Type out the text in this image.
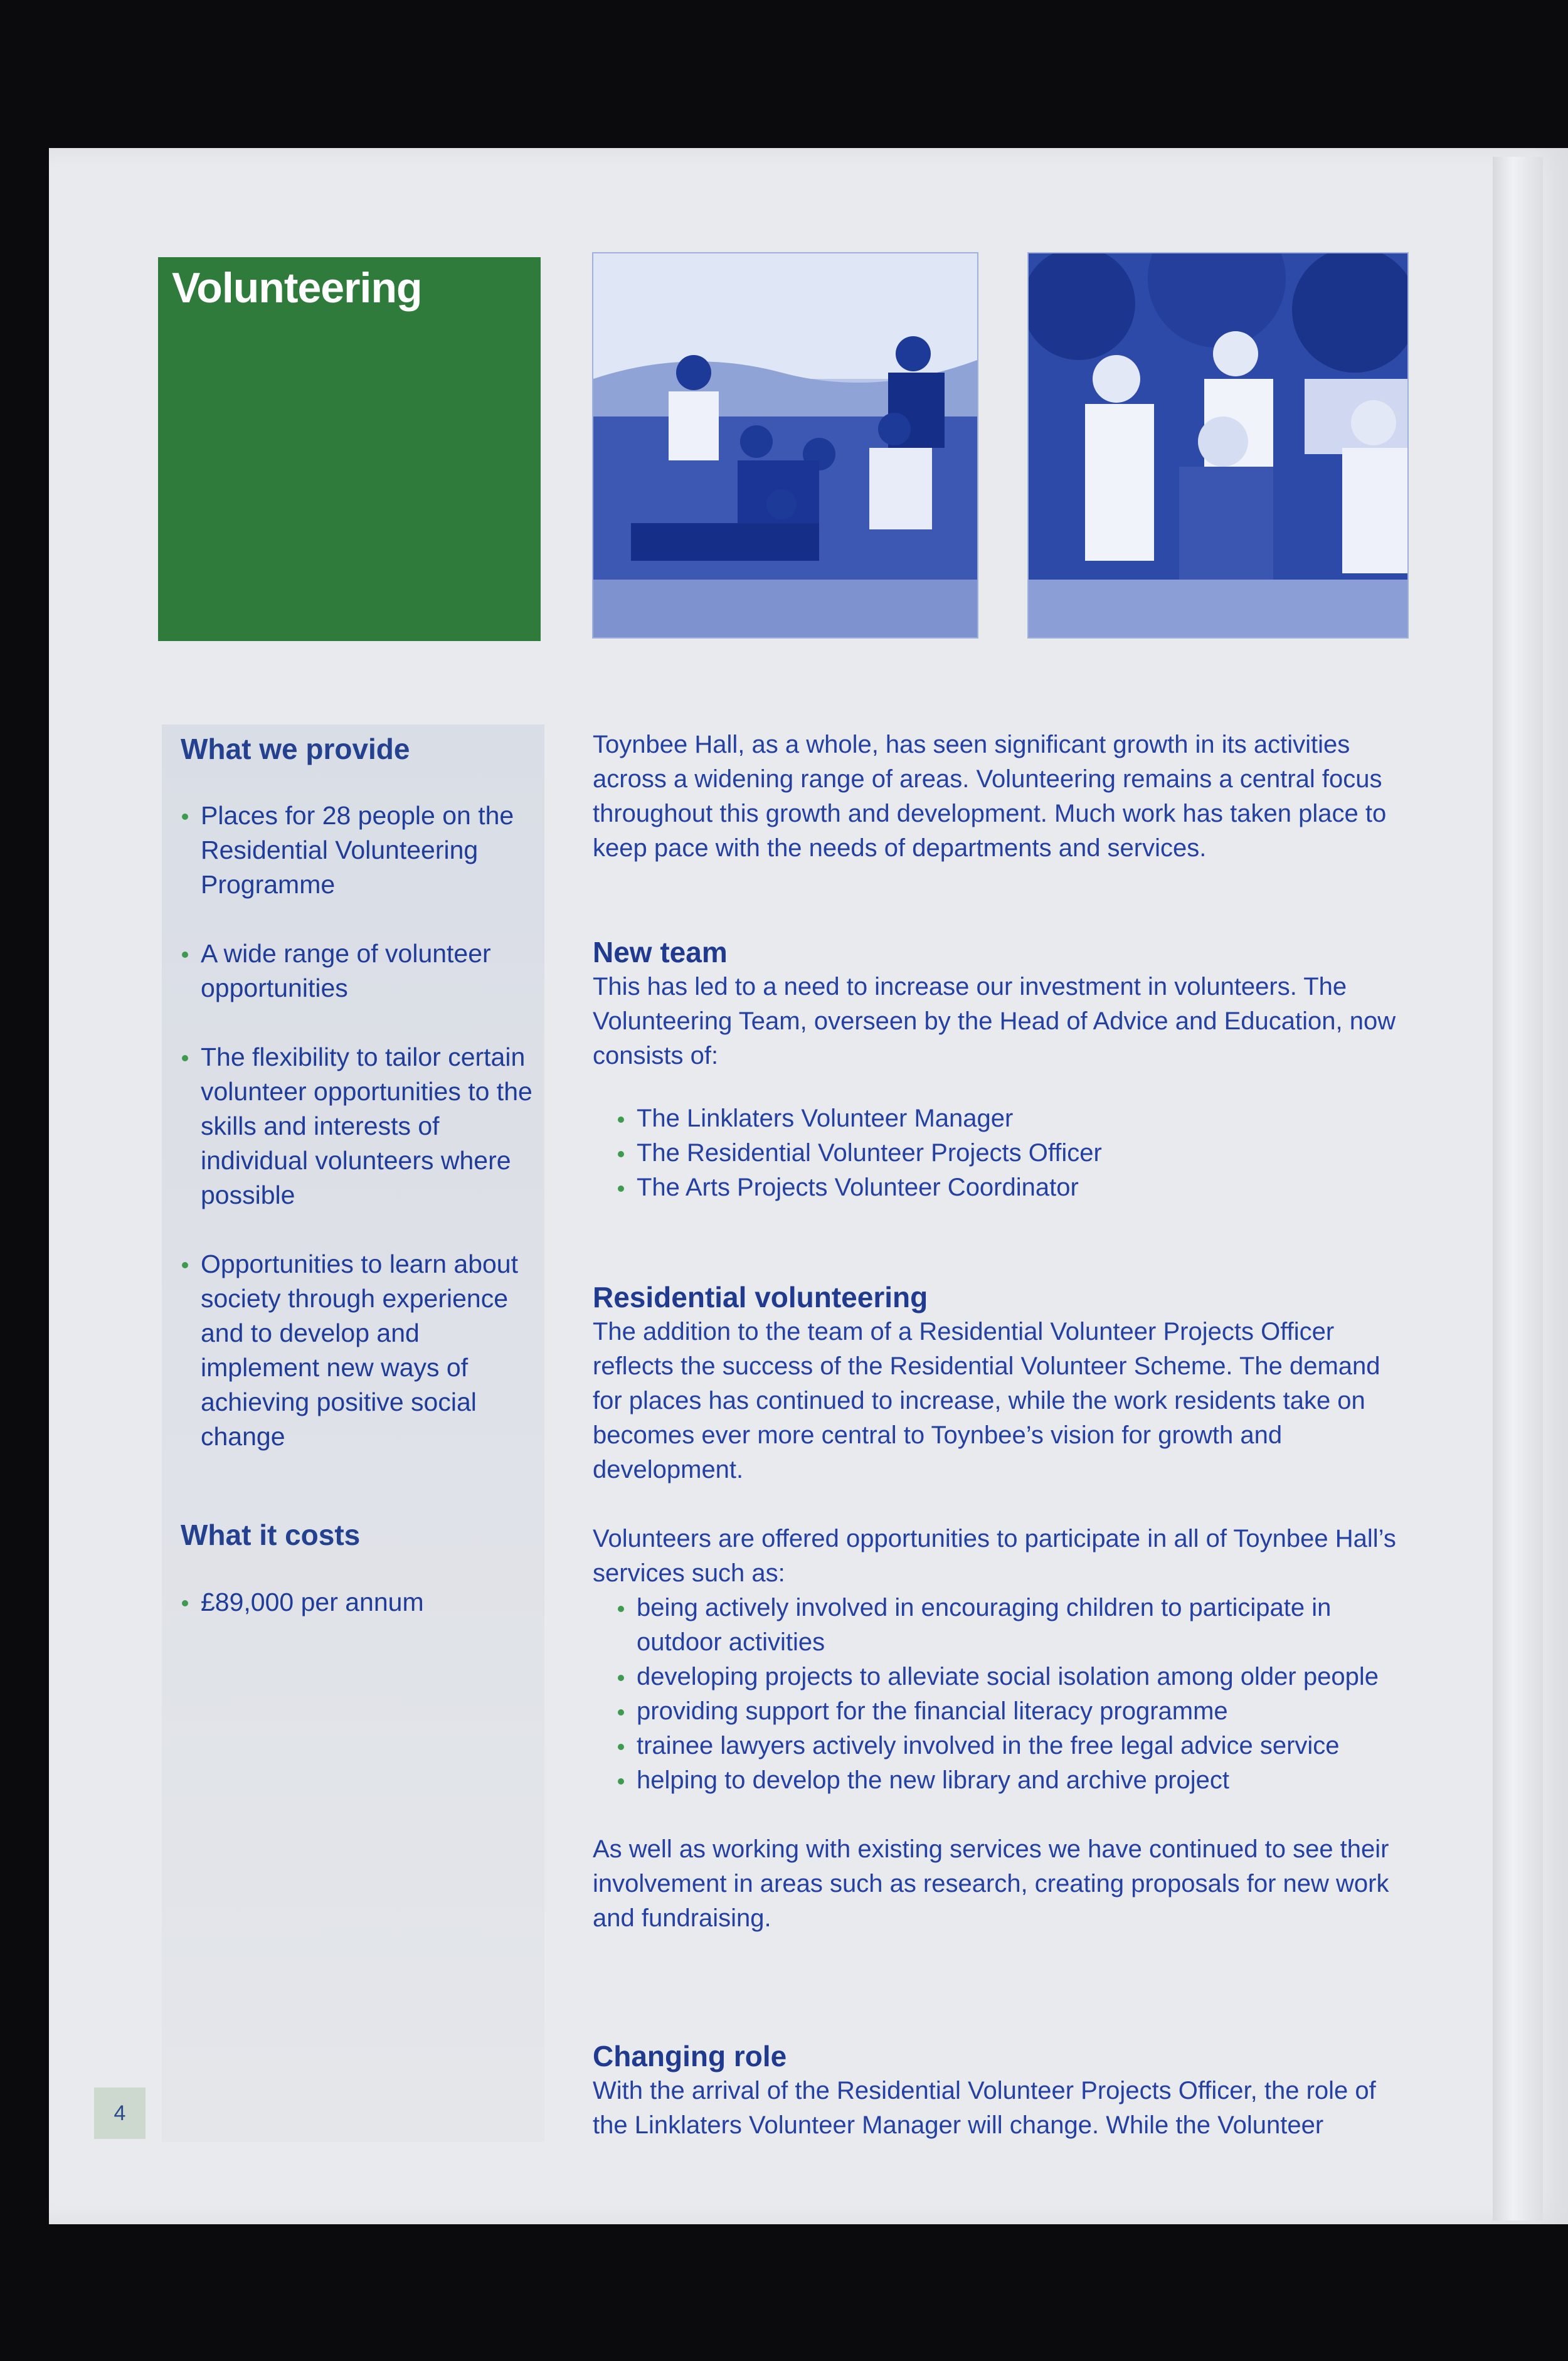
Volunteering
What we provide
Places for 28 people on the Residential Volunteering Programme
A wide range of volunteer opportunities
The flexibility to tailor certain volunteer opportunities to the skills and interests of individual volunteers where possible
Opportunities to learn about society through experience and to develop and implement new ways of achieving positive social change
What it costs
£89,000 per annum

Toynbee Hall, as a whole, has seen significant growth in its activities across a widening range of areas. Volunteering remains a central focus throughout this growth and development. Much work has taken place to keep pace with the needs of departments and services.

New team

This has led to a need to increase our investment in volunteers. The Volunteering Team, overseen by the Head of Advice and Education, now consists of:

The Linklaters Volunteer Manager
The Residential Volunteer Projects Officer
The Arts Projects Volunteer Coordinator
Residential volunteering

The addition to the team of a Residential Volunteer Projects Officer reflects the success of the Residential Volunteer Scheme. The demand for places has continued to increase, while the work residents take on becomes ever more central to Toynbee’s vision for growth and development.

Volunteers are offered opportunities to participate in all of Toynbee Hall’s services such as:

being actively involved in encouraging children to participate in outdoor activities
developing projects to alleviate social isolation among older people
providing support for the financial literacy programme
trainee lawyers actively involved in the free legal advice service
helping to develop the new library and archive project

As well as working with existing services we have continued to see their involvement in areas such as research, creating proposals for new work and fundraising.

Changing role

With the arrival of the Residential Volunteer Projects Officer, the role of the Linklaters Volunteer Manager will change. While the Volunteer

4
